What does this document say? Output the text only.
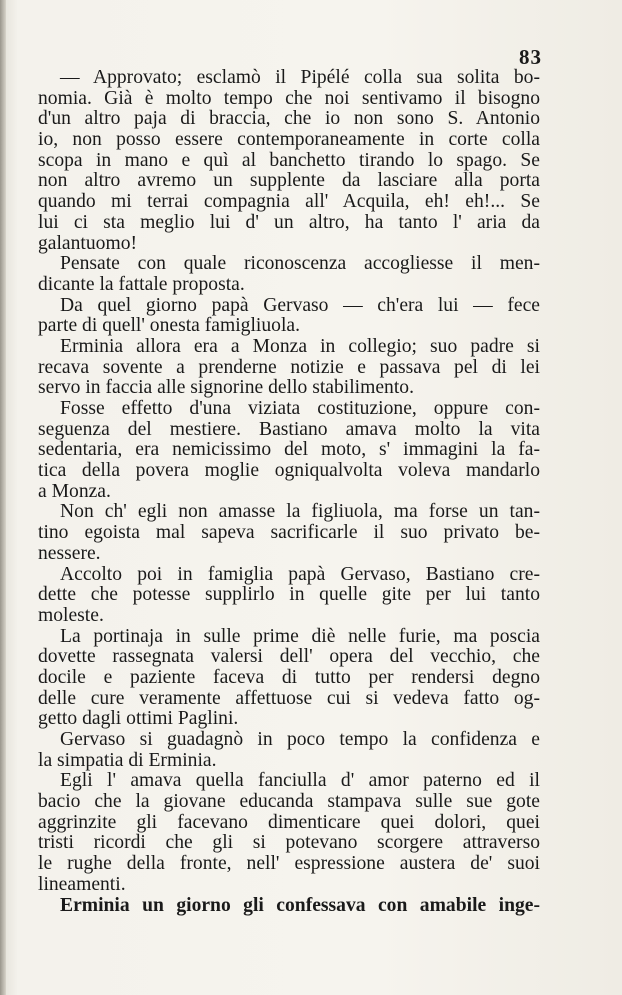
83
— Approvato; esclamò il Pipélé colla sua solita bo-
nomia. Già è molto tempo che noi sentivamo il bisogno
d'un altro paja di braccia, che io non sono S. Antonio
io, non posso essere contemporaneamente in corte colla
scopa in mano e quì al banchetto tirando lo spago. Se
non altro avremo un supplente da lasciare alla porta
quando mi terrai compagnia all' Acquila, eh! eh!... Se
lui ci sta meglio lui d' un altro, ha tanto l' aria da
galantuomo!
Pensate con quale riconoscenza accogliesse il men-
dicante la fattale proposta.
Da quel giorno papà Gervaso — ch'era lui — fece
parte di quell' onesta famigliuola.
Erminia allora era a Monza in collegio; suo padre si
recava sovente a prenderne notizie e passava pel di lei
servo in faccia alle signorine dello stabilimento.
Fosse effetto d'una viziata costituzione, oppure con-
seguenza del mestiere. Bastiano amava molto la vita
sedentaria, era nemicissimo del moto, s' immagini la fa-
tica della povera moglie ogniqualvolta voleva mandarlo
a Monza.
Non ch' egli non amasse la figliuola, ma forse un tan-
tino egoista mal sapeva sacrificarle il suo privato be-
nessere.
Accolto poi in famiglia papà Gervaso, Bastiano cre-
dette che potesse supplirlo in quelle gite per lui tanto
moleste.
La portinaja in sulle prime diè nelle furie, ma poscia
dovette rassegnata valersi dell' opera del vecchio, che
docile e paziente faceva di tutto per rendersi degno
delle cure veramente affettuose cui si vedeva fatto og-
getto dagli ottimi Paglini.
Gervaso si guadagnò in poco tempo la confidenza e
la simpatia di Erminia.
Egli l' amava quella fanciulla d' amor paterno ed il
bacio che la giovane educanda stampava sulle sue gote
aggrinzite gli facevano dimenticare quei dolori, quei
tristi ricordi che gli si potevano scorgere attraverso
le rughe della fronte, nell' espressione austera de' suoi
lineamenti.
Erminia un giorno gli confessava con amabile inge-
